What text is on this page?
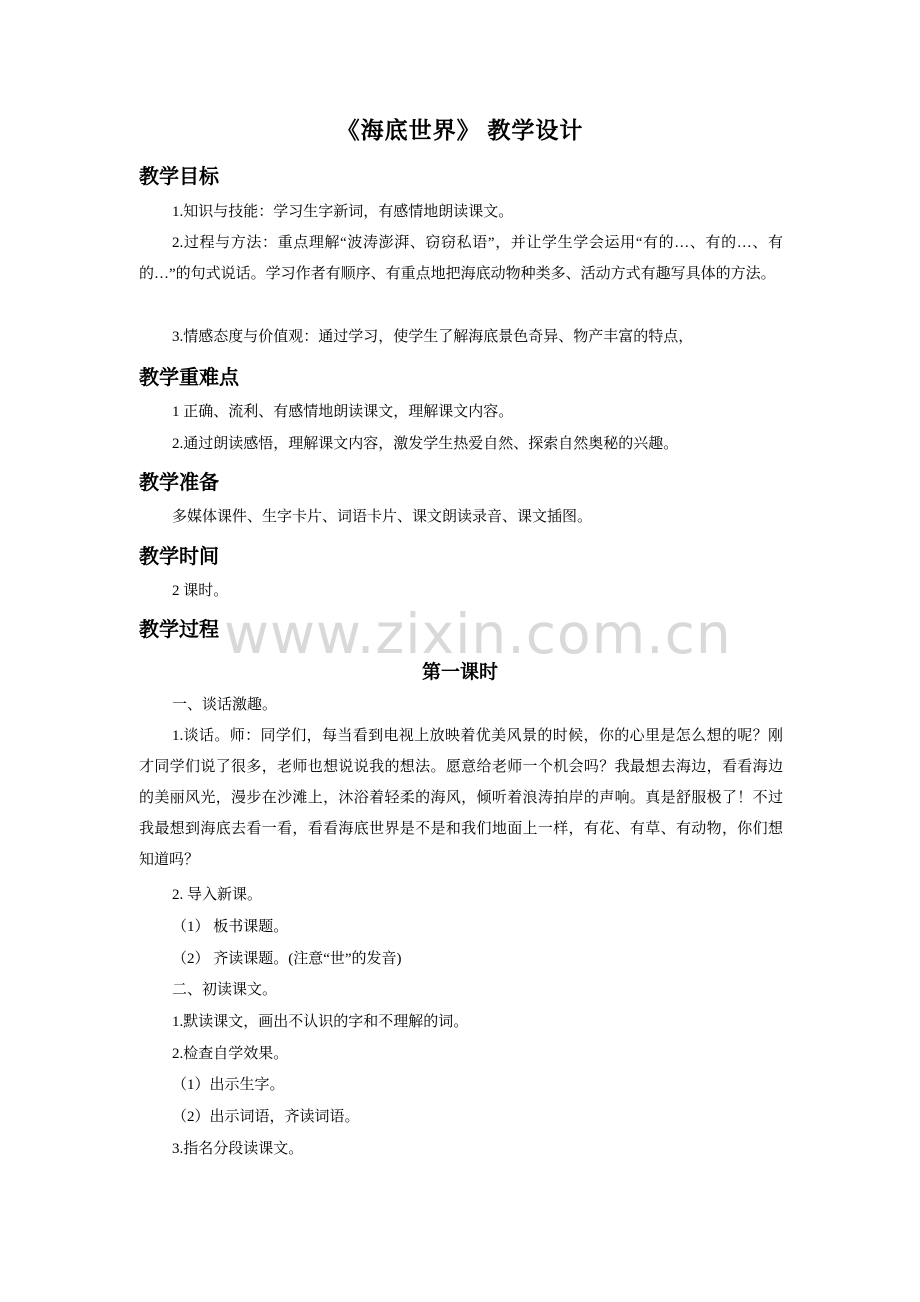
《海底世界》 教学设计
教学目标
1.知识与技能：学习生字新词，有感情地朗读课文。
2.过程与方法：重点理解“波涛澎湃、窃窃私语”，并让学生学会运用“有的…、有的…、有的…”的句式说话。学习作者有顺序、有重点地把海底动物种类多、活动方式有趣写具体的方法。
3.情感态度与价值观：通过学习，使学生了解海底景色奇异、物产丰富的特点，
教学重难点
1 正确、流利、有感情地朗读课文，理解课文内容。
2.通过朗读感悟，理解课文内容，激发学生热爱自然、探索自然奥秘的兴趣。
教学准备
多媒体课件、生字卡片、词语卡片、课文朗读录音、课文插图。
教学时间
2 课时。
教学过程 www.zixin.com.cn
第一课时
一、谈话激趣。
1.谈话。师：同学们，每当看到电视上放映着优美风景的时候，你的心里是怎么想的呢？刚才同学们说了很多，老师也想说说我的想法。愿意给老师一个机会吗？我最想去海边，看看海边的美丽风光，漫步在沙滩上，沐浴着轻柔的海风，倾听着浪涛拍岸的声响。真是舒服极了！不过我最想到海底去看一看，看看海底世界是不是和我们地面上一样，有花、有草、有动物，你们想知道吗？
2. 导入新课。
（1） 板书课题。
（2） 齐读课题。(注意“世”的发音)
二、初读课文。
1.默读课文，画出不认识的字和不理解的词。
2.检查自学效果。
（1）出示生字。
（2）出示词语，齐读词语。
3.指名分段读课文。
